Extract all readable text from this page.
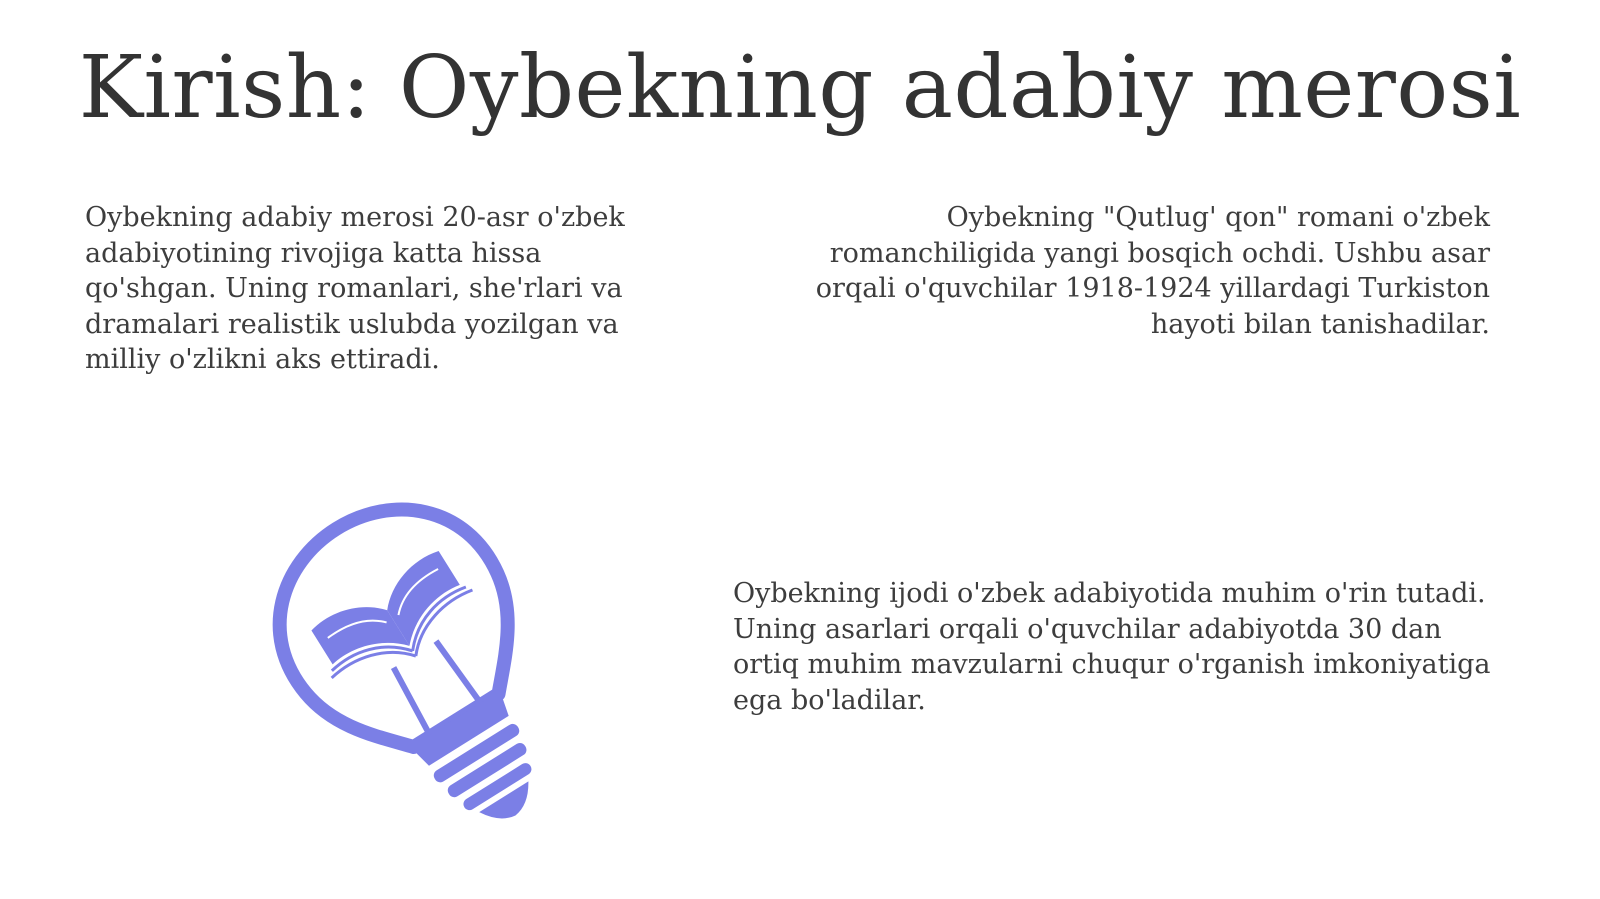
Kirish: Oybekning adabiy merosi
Oybekning adabiy merosi 20-asr o'zbek adabiyotining rivojiga katta hissa qo'shgan. Uning romanlari, she'rlari va dramalari realistik uslubda yozilgan va milliy o'zlikni aks ettiradi.
Oybekning "Qutlug' qon" romani o'zbek romanchiligida yangi bosqich ochdi. Ushbu asar orqali o'quvchilar 1918-1924 yillardagi Turkiston hayoti bilan tanishadilar.
Oybekning ijodi o'zbek adabiyotida muhim o'rin tutadi. Uning asarlari orqali o'quvchilar adabiyotda 30 dan ortiq muhim mavzularni chuqur o'rganish imkoniyatiga ega bo'ladilar.
